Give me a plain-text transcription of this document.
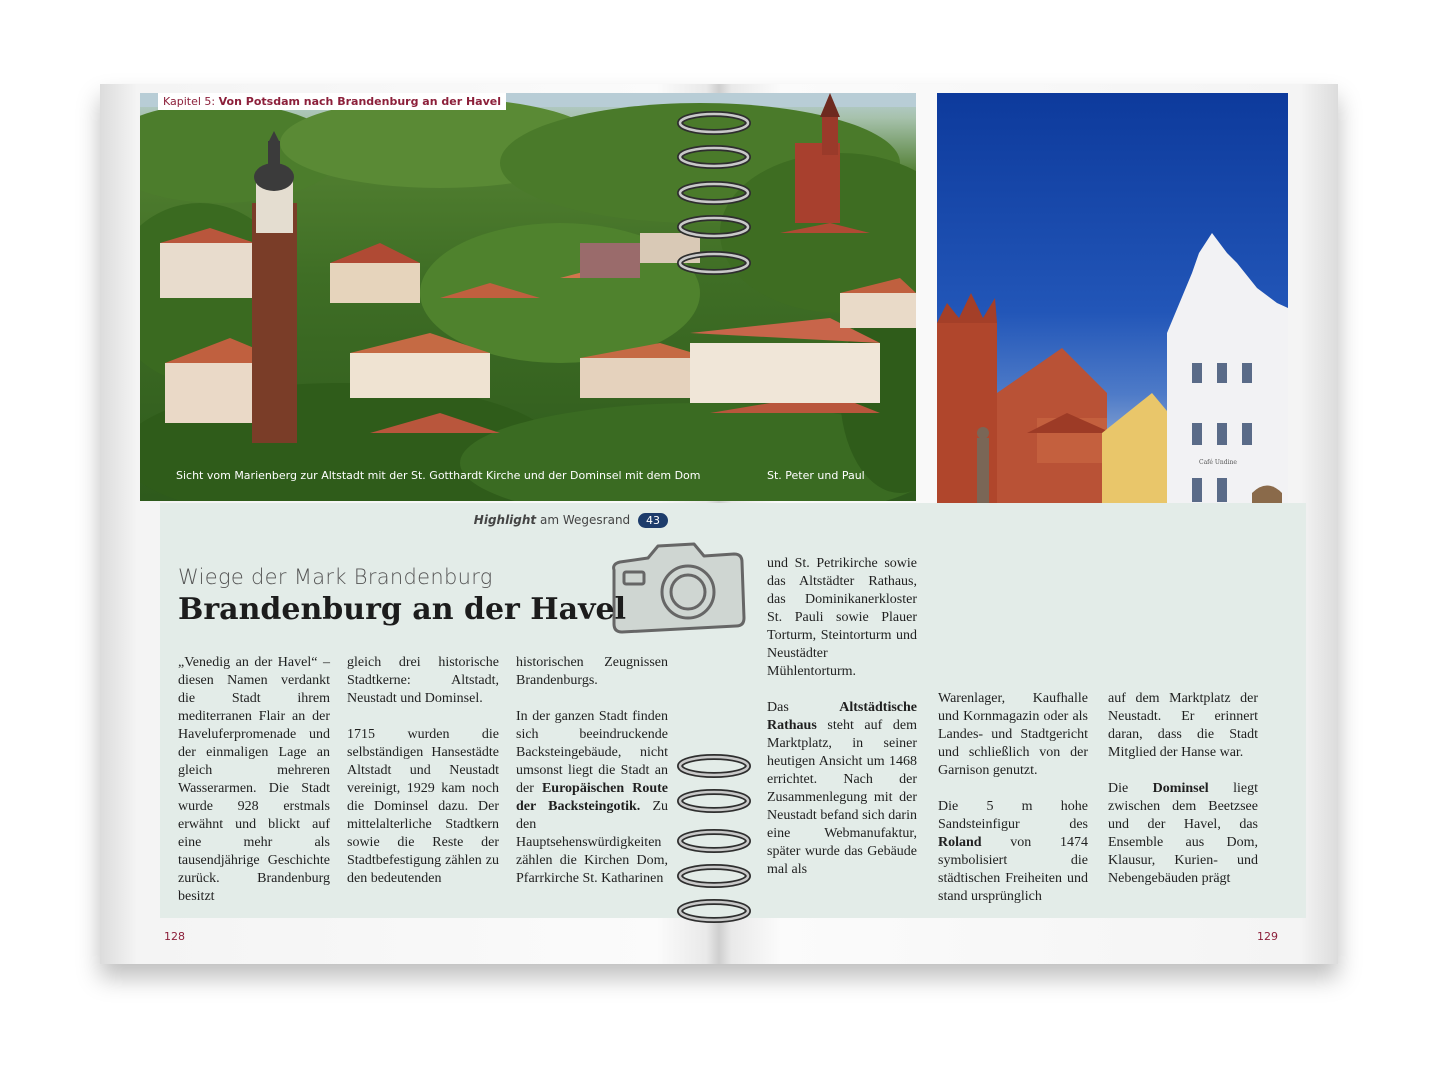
Kapitel 5: Von Potsdam nach Brandenburg an der Havel
Sicht vom Marienberg zur Altstadt mit der St. Gotthardt Kirche und der Dominsel mit dem Dom	St. Peter und Paul
Café Undine
128	129
Highlight am Wegesrand 43
Wiege der Mark Brandenburg
Brandenburg an der Havel

„Venedig an der Havel“ – diesen Namen verdankt die Stadt ihrem mediterranen Flair an der Haveluferpromenade und der einmaligen Lage an gleich mehreren Wasserarmen. Die Stadt wurde 928 erstmals erwähnt und blickt auf eine mehr als tausendjährige Geschichte zurück. Brandenburg besitzt

gleich drei historische Stadtkerne: Altstadt, Neustadt und Dominsel.

1715 wurden die selbständigen Hansestädte Altstadt und Neustadt vereinigt, 1929 kam noch die Dominsel dazu. Der mittelalterliche Stadtkern sowie die Reste der Stadtbefestigung zählen zu den bedeutenden

historischen Zeugnissen Brandenburgs.

In der ganzen Stadt finden sich beeindruckende Backsteingebäude, nicht umsonst liegt die Stadt an der Europäischen Route der Backsteingotik. Zu den Hauptsehenswürdigkeiten zählen die Kirchen Dom, Pfarrkirche St. Katharinen

und St. Petrikirche sowie das Altstädter Rathaus, das Dominikanerkloster St. Pauli sowie Plauer Torturm, Steintorturm und Neustädter Mühlentorturm.

Das	Altstädtische Rathaus steht auf dem Marktplatz, in seiner heutigen Ansicht um 1468 errichtet. Nach der Zusammenlegung mit der Neustadt befand sich darin eine Webmanufaktur, später wurde das Gebäude mal als

Warenlager, Kaufhalle und Kornmagazin oder als Landes- und Stadtgericht und schließlich von der Garnison genutzt.

Die 5 m hohe Sandsteinfigur des Roland von 1474 symbolisiert die städtischen Freiheiten und stand ursprünglich

auf dem Marktplatz der Neustadt. Er erinnert daran, dass die Stadt Mitglied der Hanse war.

Die Dominsel liegt zwischen dem Beetzsee und der Havel, das Ensemble aus Dom, Klausur, Kurien- und Nebengebäuden prägt
